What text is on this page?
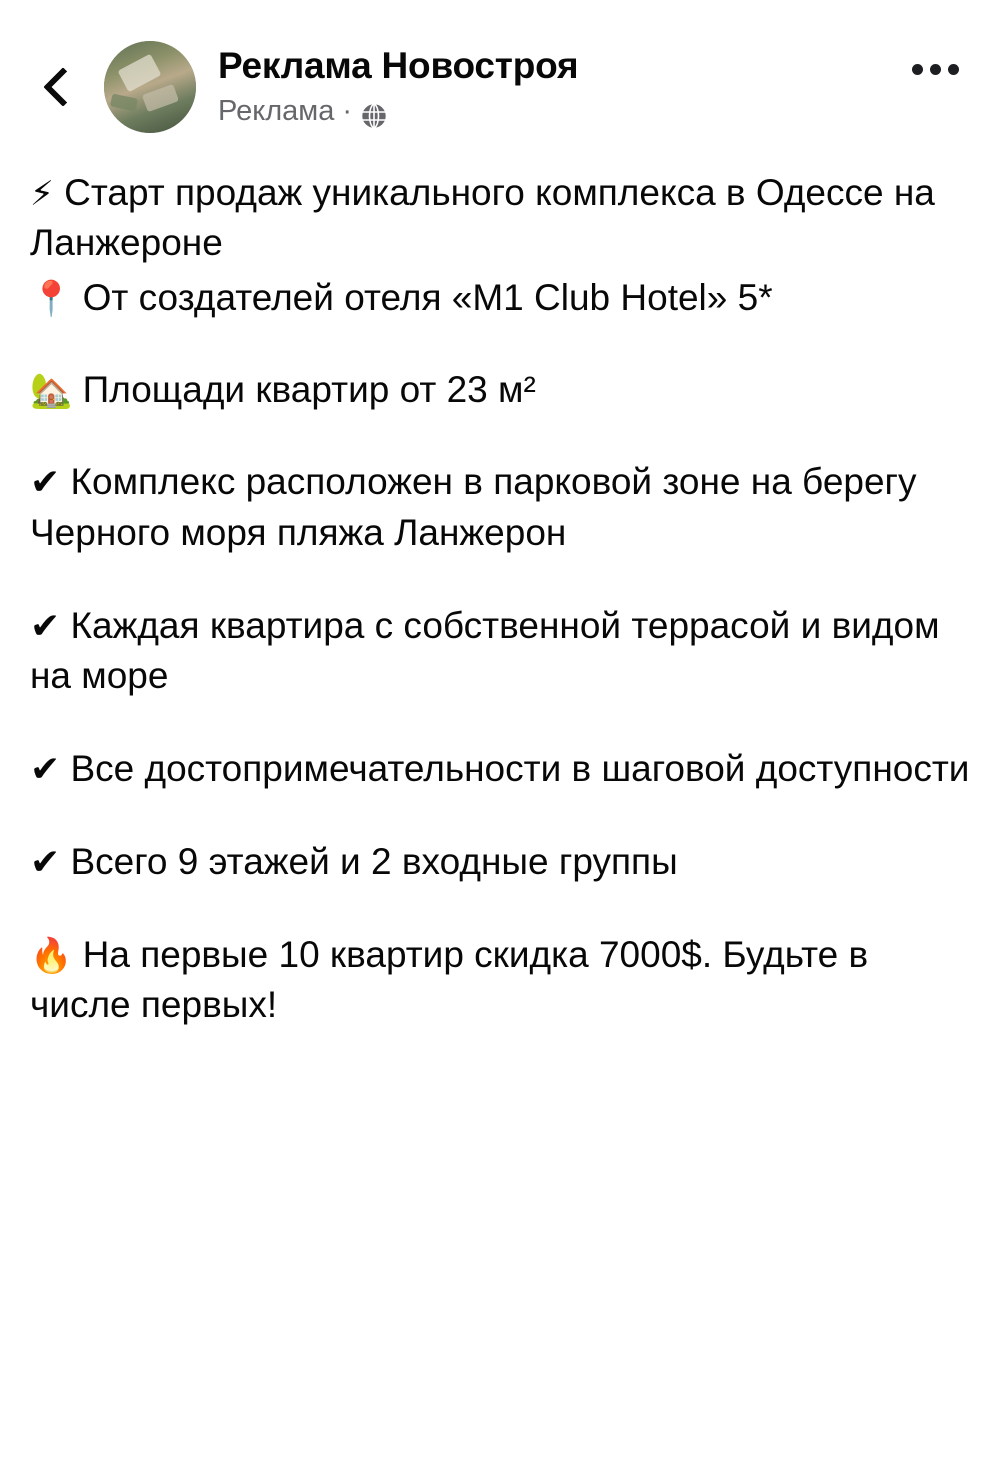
Реклама Новостроя
Реклама ·

⚡ Старт продаж уникального комплекса в Одессе на Ланжероне

📍 От создателей отеля «M1 Club Hotel» 5*

🏡 Площади квартир от 23 м²

✔ Комплекс расположен в парковой зоне на берегу Черного моря пляжа Ланжерон

✔ Каждая квартира с собственной террасой и видом на море

✔ Все достопримечательности в шаговой доступности

✔ Всего 9 этажей и 2 входные группы

🔥 На первые 10 квартир скидка 7000$. Будьте в числе первых!
